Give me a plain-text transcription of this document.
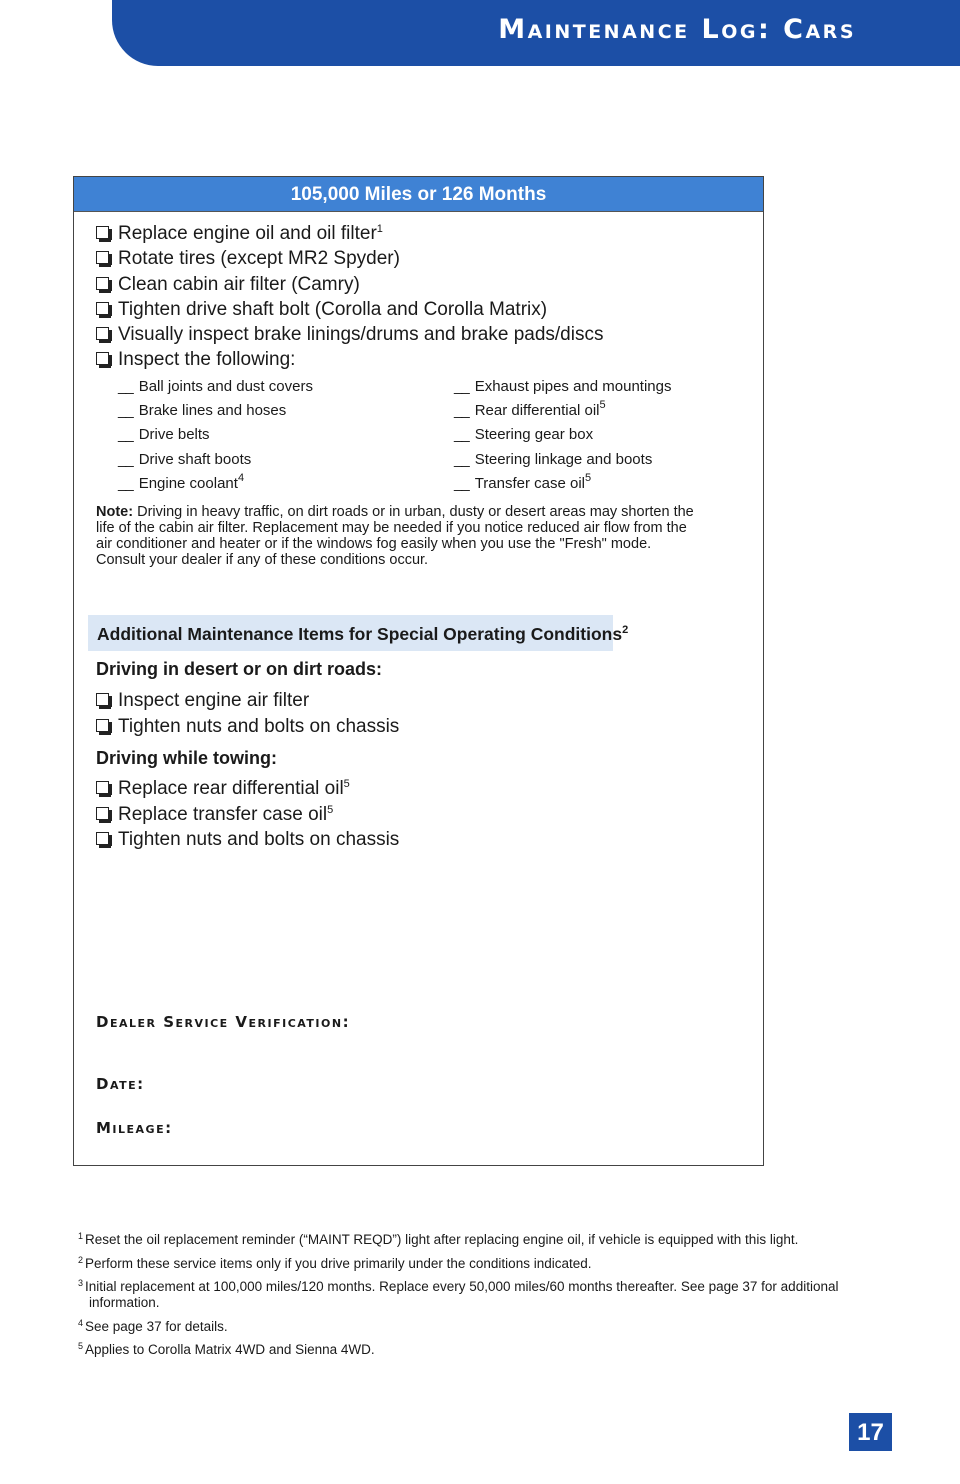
Maintenance Log: Cars
105,000 Miles or 126 Months
Replace engine oil and oil filter$^1$
Rotate tires (except MR2 Spyder)
Clean cabin air filter (Camry)
Tighten drive shaft bolt (Corolla and Corolla Matrix)
Visually inspect brake linings/drums and brake pads/discs
Inspect the following:
__ Ball joints and dust covers
__ Brake lines and hoses
__ Drive belts
__ Drive shaft boots
__ Engine coolant$^4$
__ Exhaust pipes and mountings
__ Rear differential oil$^5$
__ Steering gear box
__ Steering linkage and boots
__ Transfer case oil$^5$

Note: Driving in heavy traffic, on dirt roads or in urban, dusty or desert areas may shorten the life of the cabin air filter. Replacement may be needed if you notice reduced air flow from the air conditioner and heater or if the windows fog easily when you use the "Fresh" mode. Consult your dealer if any of these conditions occur.

Additional Maintenance Items for Special Operating Conditions$^2$
Driving in desert or on dirt roads:
Inspect engine air filter
Tighten nuts and bolts on chassis
Driving while towing:
Replace rear differential oil$^5$
Replace transfer case oil$^5$
Tighten nuts and bolts on chassis
Dealer Service Verification:
Date:
Mileage:
$^1$ Reset the oil replacement reminder (“MAINT REQD”) light after replacing engine oil, if vehicle is equipped with this light.
$^2$ Perform these service items only if you drive primarily under the conditions indicated.
$^3$ Initial replacement at 100,000 miles/120 months. Replace every 50,000 miles/60 months thereafter. See page 37 for additional information.
$^4$ See page 37 for details.
$^5$ Applies to Corolla Matrix 4WD and Sienna 4WD.
17
